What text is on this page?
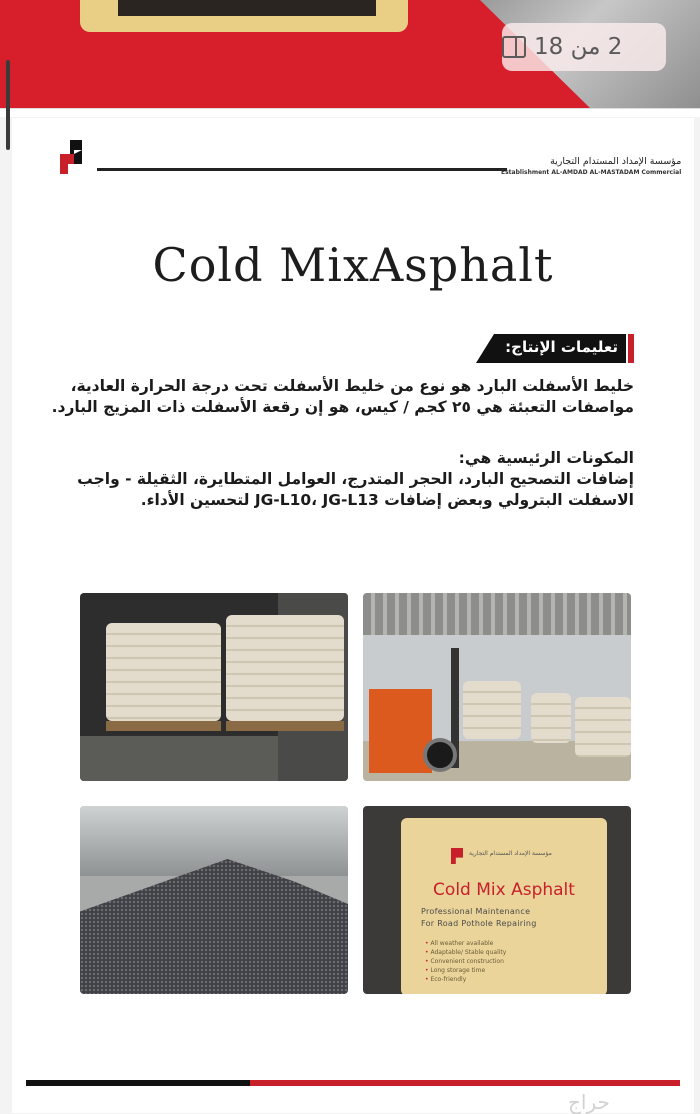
2 من 18
مؤسسة الإمداد المستدام التجارية
Establishment AL-AMDAD AL-MASTADAM Commercial
Cold MixAsphalt
تعليمات الإنتاج:
خليط الأسفلت البارد هو نوع من خليط الأسفلت تحت درجة الحرارة العادية، مواصفات التعبئة هي ٢٥ كجم / كيس، هو إن رقعة الأسفلت ذات المزيج البارد.
المكونات الرئيسية هي:
إضافات التصحيح البارد، الحجر المتدرج، العوامل المتطايرة، الثقيلة - واجب الاسفلت البترولي وبعض إضافات JG-L10، JG-L13 لتحسين الأداء.
مؤسسة الإمداد المستدام التجارية
Cold Mix Asphalt
Professional Maintenance
For Road Pothole Repairing
• All weather available
• Adaptable/ Stable quality
• Convenient construction
• Long storage time
• Eco-friendly
حراج
